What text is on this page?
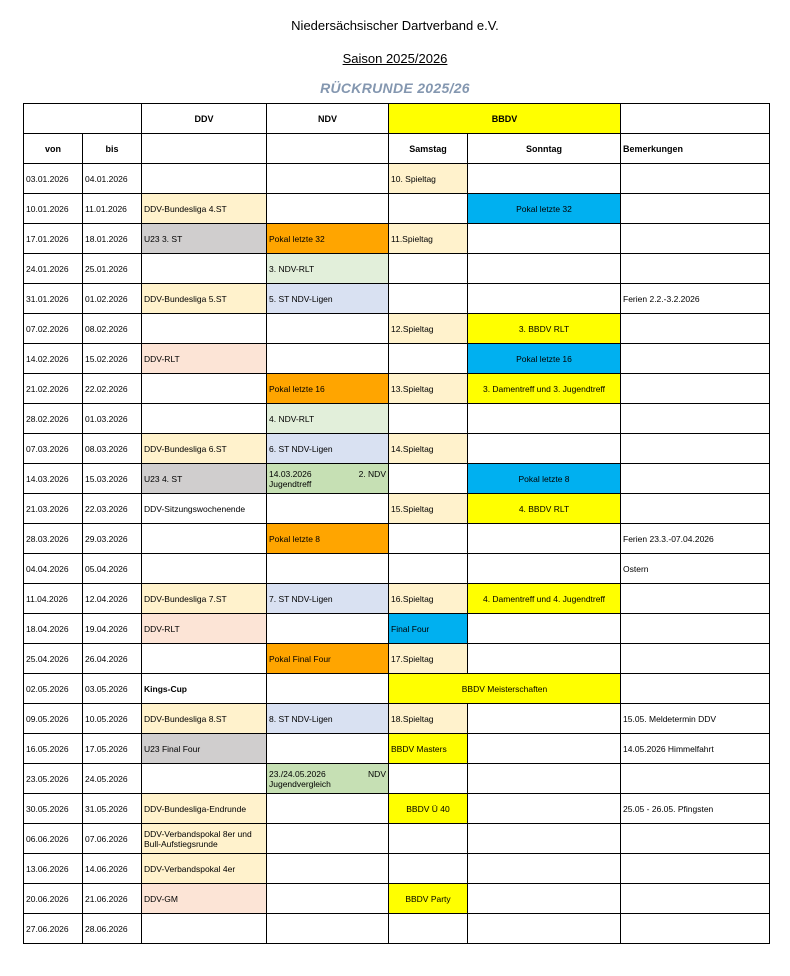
Niedersächsischer Dartverband e.V.
Saison 2025/2026
RÜCKRUNDE 2025/26
		DDV	NDV	BBDV		
von	bis			Samstag	Sonntag	Bemerkungen
03.01.2026	04.01.2026			10. Spieltag		
10.01.2026	11.01.2026	DDV-Bundesliga 4.ST			Pokal letzte 32	
17.01.2026	18.01.2026	U23 3. ST	Pokal letzte 32	11.Spieltag		
24.01.2026	25.01.2026		3. NDV-RLT			
31.01.2026	01.02.2026	DDV-Bundesliga 5.ST	5. ST NDV-Ligen			Ferien 2.2.-3.2.2026
07.02.2026	08.02.2026			12.Spieltag	3. BBDV RLT	
14.02.2026	15.02.2026	DDV-RLT			Pokal letzte 16	
21.02.2026	22.02.2026		Pokal letzte 16	13.Spieltag	3. Damentreff und 3. Jugendtreff	
28.02.2026	01.03.2026		4. NDV-RLT			
07.03.2026	08.03.2026	DDV-Bundesliga 6.ST	6. ST NDV-Ligen	14.Spieltag		
14.03.2026	15.03.2026	U23 4. ST	14.03.2026 2. NDV
Jugendtreff		Pokal letzte 8	
21.03.2026	22.03.2026	DDV-Sitzungswochenende		15.Spieltag	4. BBDV RLT	
28.03.2026	29.03.2026		Pokal letzte 8			Ferien 23.3.-07.04.2026
04.04.2026	05.04.2026					Ostern
11.04.2026	12.04.2026	DDV-Bundesliga 7.ST	7. ST NDV-Ligen	16.Spieltag	4. Damentreff und 4. Jugendtreff	
18.04.2026	19.04.2026	DDV-RLT		Final Four		
25.04.2026	26.04.2026		Pokal Final Four	17.Spieltag		
02.05.2026	03.05.2026	Kings-Cup		BBDV Meisterschaften		
09.05.2026	10.05.2026	DDV-Bundesliga 8.ST	8. ST NDV-Ligen	18.Spieltag		15.05. Meldetermin DDV
16.05.2026	17.05.2026	U23 Final Four		BBDV Masters		14.05.2026 Himmelfahrt
23.05.2026	24.05.2026		23./24.05.2026 NDV
Jugendvergleich			

30.05.2026	31.05.2026	DDV-Bundesliga-Endrunde		BBDV Ü 40		25.05 - 26.05. Pfingsten
06.06.2026	07.06.2026	DDV-Verbandspokal 8er und Bull-Aufstiegsrunde				
13.06.2026	14.06.2026	DDV-Verbandspokal 4er				
20.06.2026	21.06.2026	DDV-GM		BBDV Party		
27.06.2026	28.06.2026					
